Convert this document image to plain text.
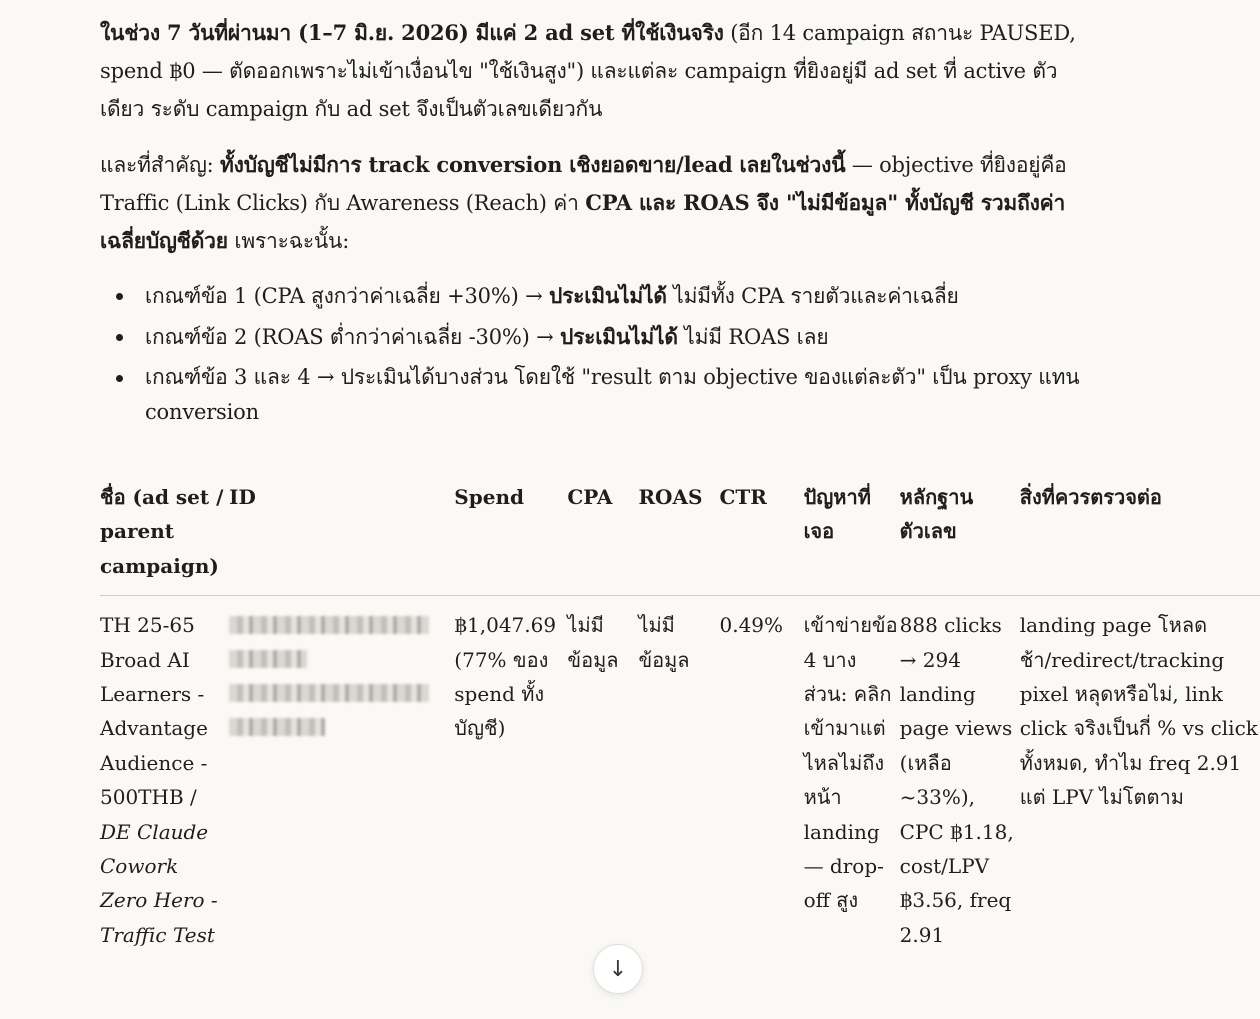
ในช่วง 7 วันที่ผ่านมา (1–7 มิ.ย. 2026) มีแค่ 2 ad set ที่ใช้เงินจริง (อีก 14 campaign สถานะ PAUSED, spend ฿0 — ตัดออกเพราะไม่เข้าเงื่อนไข "ใช้เงินสูง") และแต่ละ campaign ที่ยิงอยู่มี ad set ที่ active ตัวเดียว ระดับ campaign กับ ad set จึงเป็นตัวเลขเดียวกัน

และที่สำคัญ: ทั้งบัญชีไม่มีการ track conversion เชิงยอดขาย/lead เลยในช่วงนี้ — objective ที่ยิงอยู่คือ Traffic (Link Clicks) กับ Awareness (Reach) ค่า CPA และ ROAS จึง "ไม่มีข้อมูล" ทั้งบัญชี รวมถึงค่าเฉลี่ยบัญชีด้วย เพราะฉะนั้น:

เกณฑ์ข้อ 1 (CPA สูงกว่าค่าเฉลี่ย +30%) → ประเมินไม่ได้ ไม่มีทั้ง CPA รายตัวและค่าเฉลี่ย
เกณฑ์ข้อ 2 (ROAS ต่ำกว่าค่าเฉลี่ย -30%) → ประเมินไม่ได้ ไม่มี ROAS เลย
เกณฑ์ข้อ 3 และ 4 → ประเมินได้บางส่วน โดยใช้ "result ตาม objective ของแต่ละตัว" เป็น proxy แทน conversion
ชื่อ (ad set / parent campaign)	ID	Spend	CPA	ROAS	CTR	ปัญหาที่เจอ	หลักฐานตัวเลข	สิ่งที่ควรตรวจต่อ
TH 25-65 Broad AI Learners - Advantage Audience - 500THB / DE Claude Cowork Zero Hero - Traffic Test		฿1,047.69 (77% ของ spend ทั้งบัญชี)	ไม่มีข้อมูล	ไม่มีข้อมูล	0.49%	เข้าข่ายข้อ 4 บางส่วน: คลิกเข้ามาแต่ไหลไม่ถึงหน้า landing — drop-off สูง	888 clicks → 294 landing page views (เหลือ ~33%), CPC ฿1.18, cost/LPV ฿3.56, freq 2.91	landing page โหลดช้า/redirect/tracking pixel หลุดหรือไม่, link click จริงเป็นกี่ % vs click ทั้งหมด, ทำไม freq 2.91 แต่ LPV ไม่โตตาม
↓
